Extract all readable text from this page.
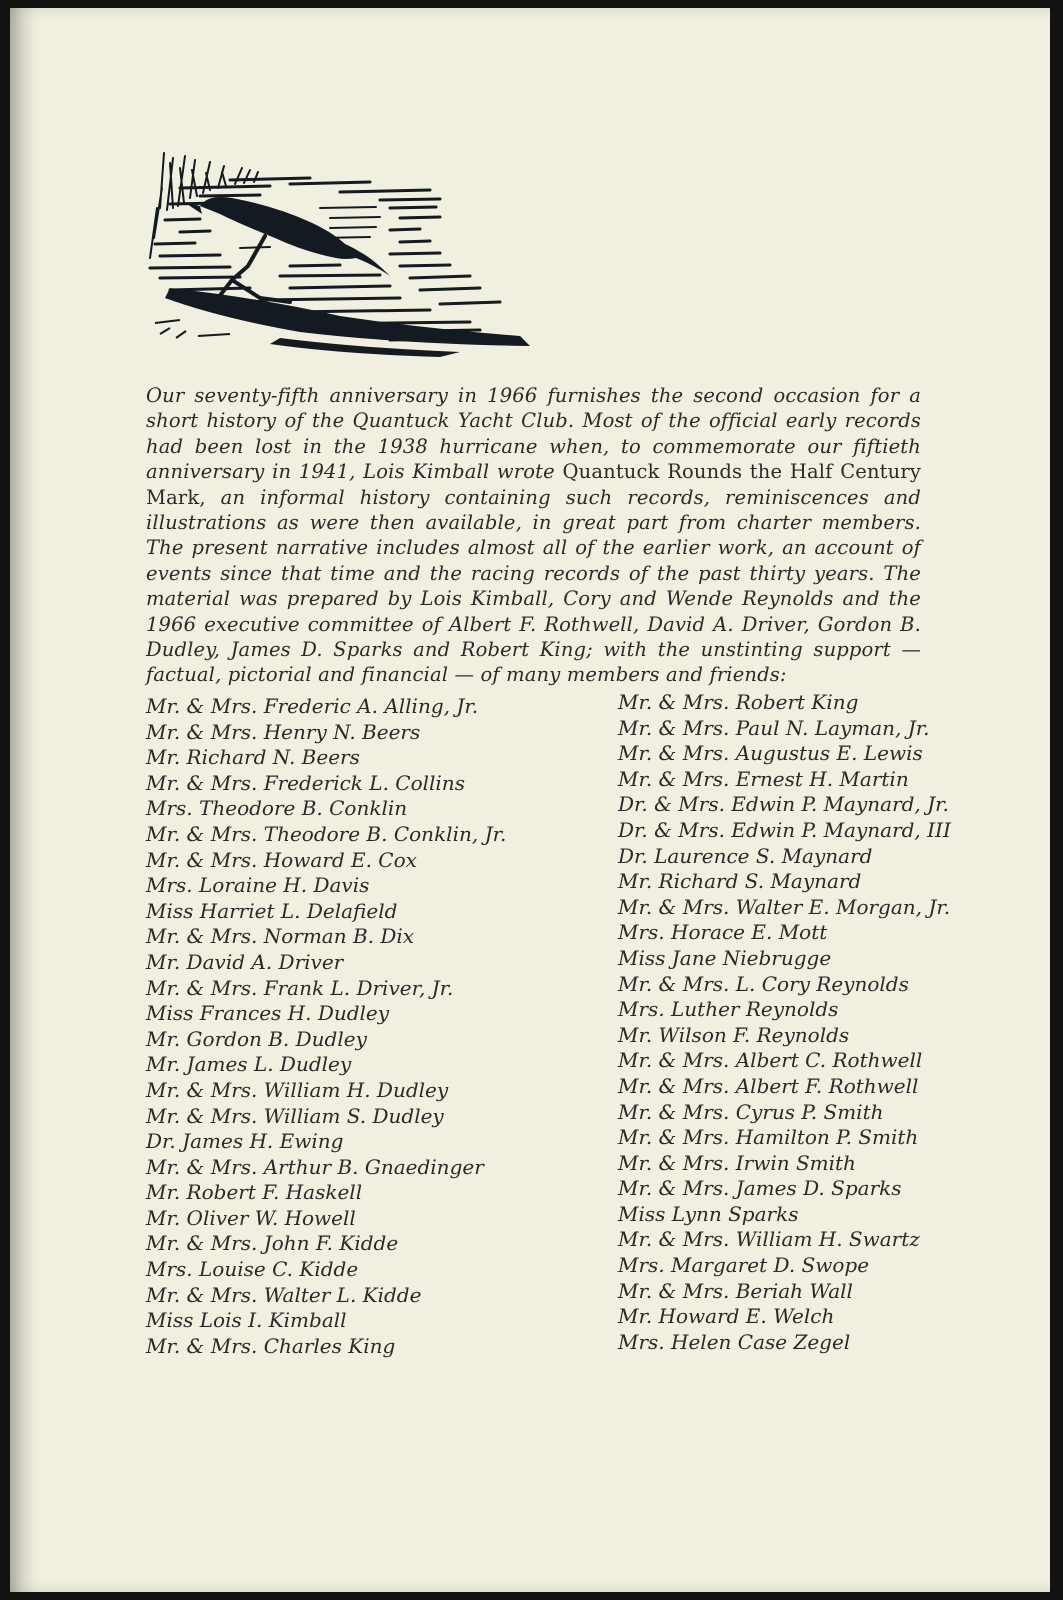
Our seventy-fifth anniversary in 1966 furnishes the second occasion for a short history of the Quantuck Yacht Club. Most of the official early records had been lost in the 1938 hurricane when, to commemorate our fiftieth anniversary in 1941, Lois Kimball wrote Quantuck Rounds the Half Century Mark, an informal history containing such records, reminiscences and illustrations as were then available, in great part from charter members. The present narrative includes almost all of the earlier work, an account of events since that time and the racing records of the past thirty years. The material was prepared by Lois Kimball, Cory and Wende Reynolds and the 1966 executive committee of Albert F. Rothwell, David A. Driver, Gordon B. Dudley, James D. Sparks and Robert King; with the unstinting support — factual, pictorial and financial — of many members and friends:

Mr. & Mrs. Frederic A. Alling, Jr.
Mr. & Mrs. Henry N. Beers
Mr. Richard N. Beers
Mr. & Mrs. Frederick L. Collins
Mrs. Theodore B. Conklin
Mr. & Mrs. Theodore B. Conklin, Jr.
Mr. & Mrs. Howard E. Cox
Mrs. Loraine H. Davis
Miss Harriet L. Delafield
Mr. & Mrs. Norman B. Dix
Mr. David A. Driver
Mr. & Mrs. Frank L. Driver, Jr.
Miss Frances H. Dudley
Mr. Gordon B. Dudley
Mr. James L. Dudley
Mr. & Mrs. William H. Dudley
Mr. & Mrs. William S. Dudley
Dr. James H. Ewing
Mr. & Mrs. Arthur B. Gnaedinger
Mr. Robert F. Haskell
Mr. Oliver W. Howell
Mr. & Mrs. John F. Kidde
Mrs. Louise C. Kidde
Mr. & Mrs. Walter L. Kidde
Miss Lois I. Kimball
Mr. & Mrs. Charles King
Mr. & Mrs. Robert King
Mr. & Mrs. Paul N. Layman, Jr.
Mr. & Mrs. Augustus E. Lewis
Mr. & Mrs. Ernest H. Martin
Dr. & Mrs. Edwin P. Maynard, Jr.
Dr. & Mrs. Edwin P. Maynard, III
Dr. Laurence S. Maynard
Mr. Richard S. Maynard
Mr. & Mrs. Walter E. Morgan, Jr.
Mrs. Horace E. Mott
Miss Jane Niebrugge
Mr. & Mrs. L. Cory Reynolds
Mrs. Luther Reynolds
Mr. Wilson F. Reynolds
Mr. & Mrs. Albert C. Rothwell
Mr. & Mrs. Albert F. Rothwell
Mr. & Mrs. Cyrus P. Smith
Mr. & Mrs. Hamilton P. Smith
Mr. & Mrs. Irwin Smith
Mr. & Mrs. James D. Sparks
Miss Lynn Sparks
Mr. & Mrs. William H. Swartz
Mrs. Margaret D. Swope
Mr. & Mrs. Beriah Wall
Mr. Howard E. Welch
Mrs. Helen Case Zegel
